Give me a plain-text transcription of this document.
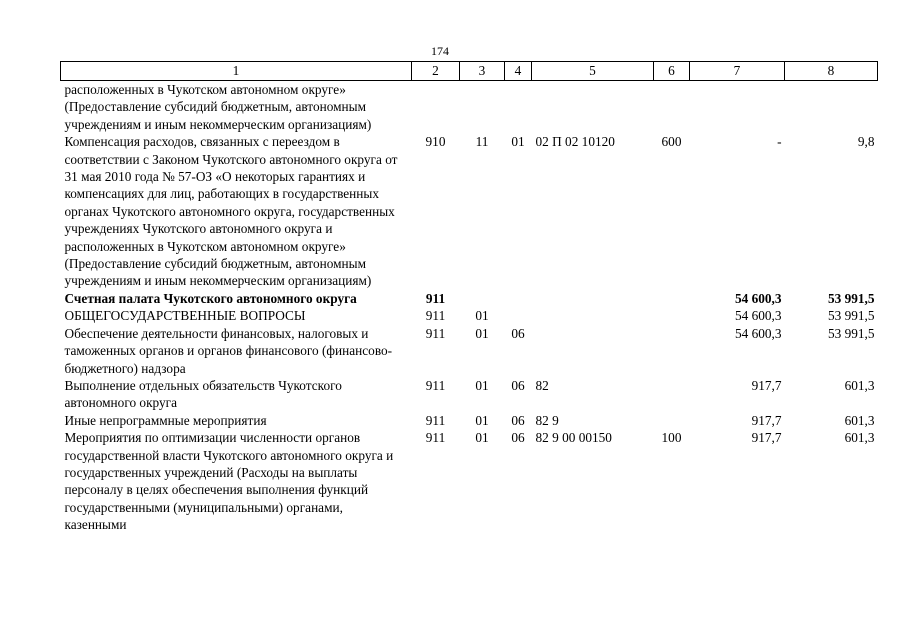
174
1	2	3	4	5	6	7	8
расположенных в Чукотском автономном округе» (Предоставление субсидий бюджетным, автономным учреждениям и иным некоммерческим организациям)							
Компенсация расходов, связанных с переездом в соответствии с Законом Чукотского автономного округа от 31 мая 2010 года № 57-ОЗ «О некоторых гарантиях и компенсациях для лиц, работающих в государственных органах Чукотского автономного округа, государственных учреждениях Чукотского автономного округа и расположенных в Чукотском автономном округе» (Предоставление субсидий бюджетным, автономным учреждениям и иным некоммерческим организациям)	910	11	01	02 П 02 10120	600	-	9,8
Счетная палата Чукотского автономного округа	911					54 600,3	53 991,5
ОБЩЕГОСУДАРСТВЕННЫЕ ВОПРОСЫ	911	01				54 600,3	53 991,5
Обеспечение деятельности финансовых, налоговых и таможенных органов и органов финансового (финансово-бюджетного) надзора	911	01	06			54 600,3	53 991,5
Выполнение отдельных обязательств Чукотского автономного округа	911	01	06	82		917,7	601,3
Иные непрограммные мероприятия	911	01	06	82 9		917,7	601,3
Мероприятия по оптимизации численности органов государственной власти Чукотского автономного округа и государственных учреждений (Расходы на выплаты персоналу в целях обеспечения выполнения функций государственными (муниципальными) органами, казенными	911	01	06	82 9 00 00150	100	917,7	601,3
